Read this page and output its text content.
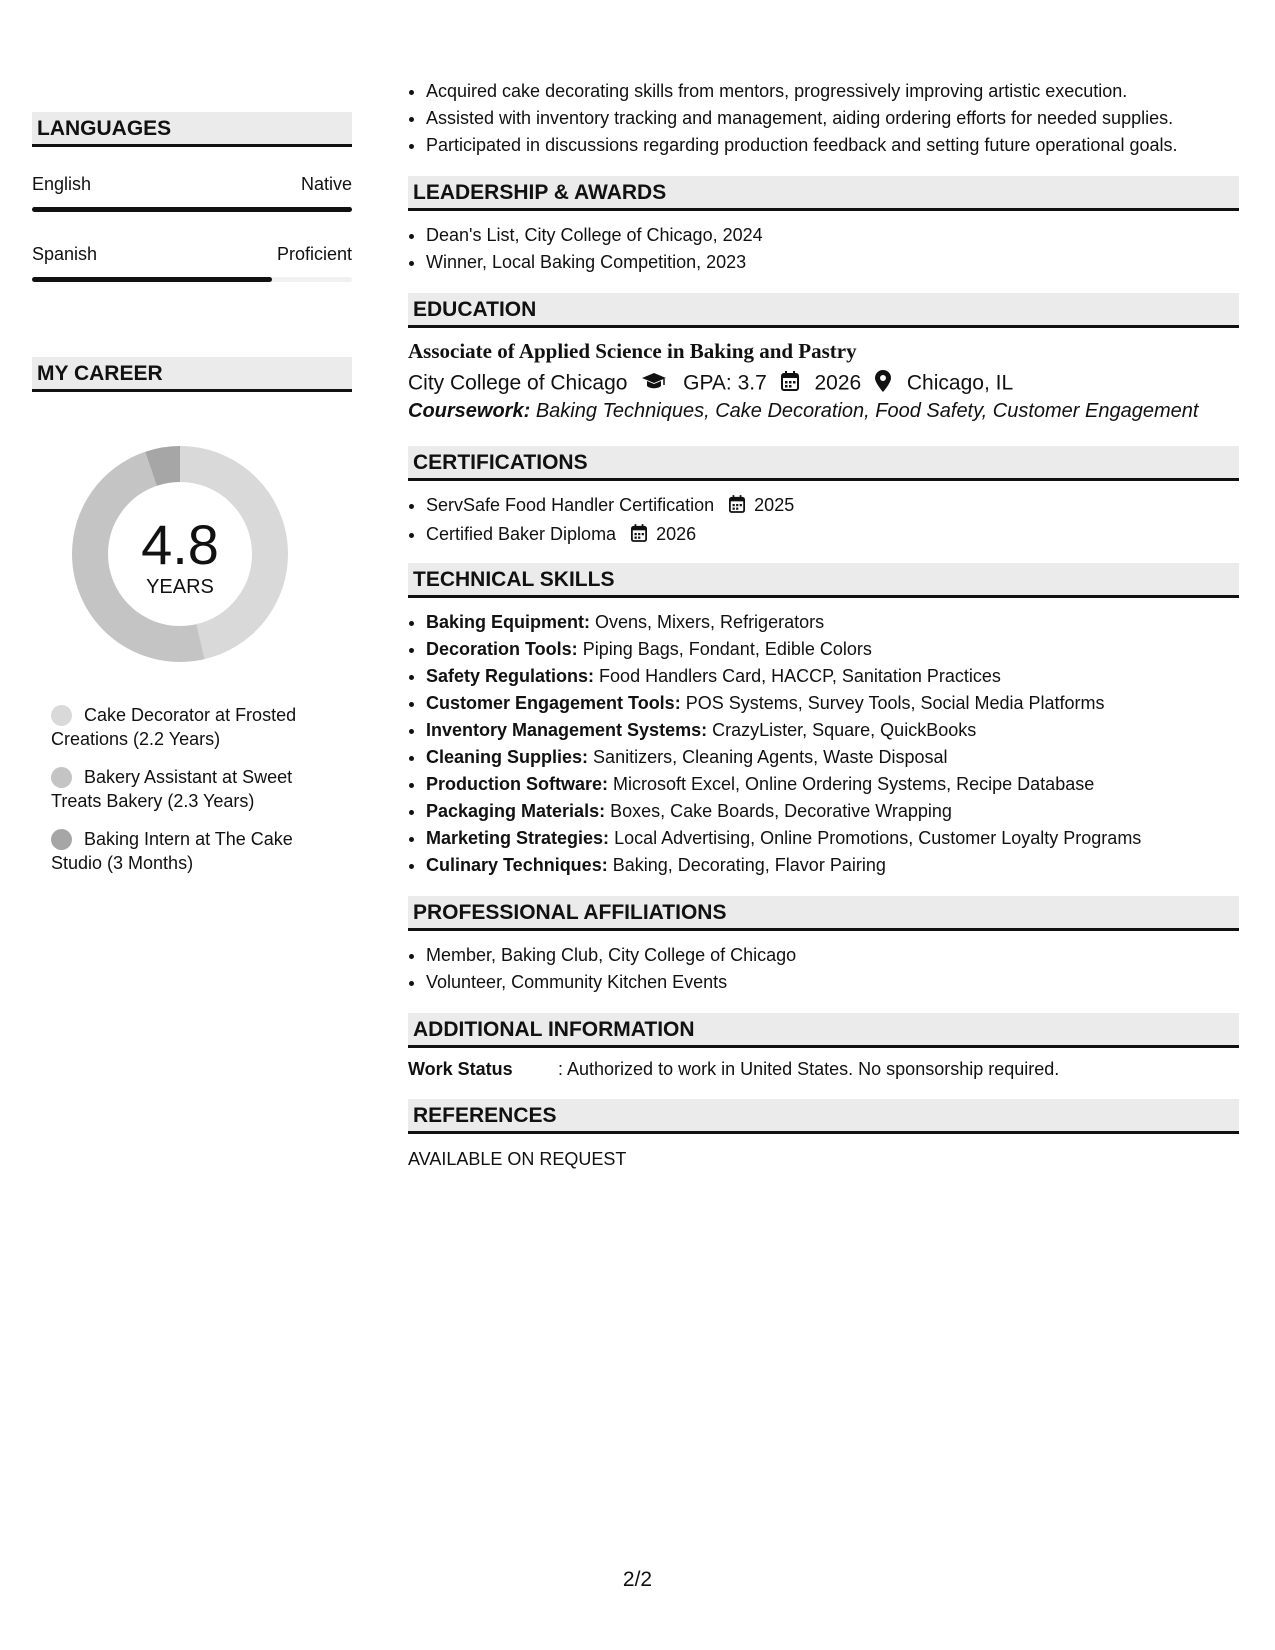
LANGUAGES
English	Native
Spanish	Proficient
MY CAREER
4.8
YEARS
Cake Decorator at Frosted Creations (2.2 Years)
Bakery Assistant at Sweet Treats Bakery (2.3 Years)
Baking Intern at The Cake Studio (3 Months)
• Acquired cake decorating skills from mentors, progressively improving artistic execution.
• Assisted with inventory tracking and management, aiding ordering efforts for needed supplies.
• Participated in discussions regarding production feedback and setting future operational goals.
LEADERSHIP & AWARDS
• Dean's List, City College of Chicago, 2024
• Winner, Local Baking Competition, 2023
EDUCATION
Associate of Applied Science in Baking and Pastry
City College of Chicago	GPA: 3.7 2026 Chicago, IL
Coursework: Baking Techniques, Cake Decoration, Food Safety, Customer Engagement
CERTIFICATIONS
• ServSafe Food Handler Certification 2025
• Certified Baker Diploma 2026
TECHNICAL SKILLS
• Baking Equipment: Ovens, Mixers, Refrigerators
• Decoration Tools: Piping Bags, Fondant, Edible Colors
• Safety Regulations: Food Handlers Card, HACCP, Sanitation Practices
• Customer Engagement Tools: POS Systems, Survey Tools, Social Media Platforms
• Inventory Management Systems: CrazyLister, Square, QuickBooks
• Cleaning Supplies: Sanitizers, Cleaning Agents, Waste Disposal
• Production Software: Microsoft Excel, Online Ordering Systems, Recipe Database
• Packaging Materials: Boxes, Cake Boards, Decorative Wrapping
• Marketing Strategies: Local Advertising, Online Promotions, Customer Loyalty Programs
• Culinary Techniques: Baking, Decorating, Flavor Pairing
PROFESSIONAL AFFILIATIONS
• Member, Baking Club, City College of Chicago
• Volunteer, Community Kitchen Events
ADDITIONAL INFORMATION
Work Status	: Authorized to work in United States. No sponsorship required.
REFERENCES
AVAILABLE ON REQUEST
2/2
